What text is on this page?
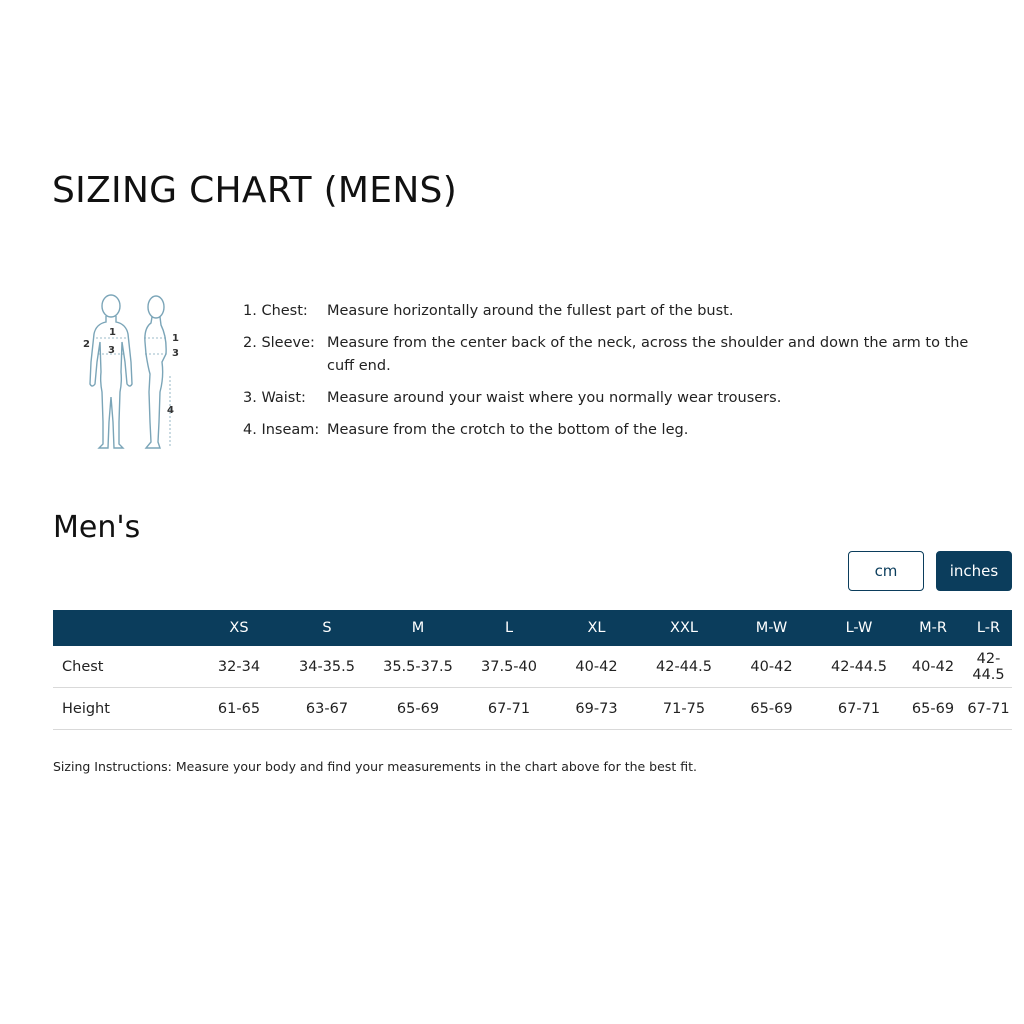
SIZING CHART (MENS)
1
2
3
1
3
4
1. Chest:	Measure horizontally around the fullest part of the bust.
2. Sleeve: Measure from the center back of the neck, across the shoulder and down the arm to the cuff end.
3. Waist:	Measure around your waist where you normally wear trousers.
4. Inseam: Measure from the crotch to the bottom of the leg.
Men's
cm	inches
	XS	S	M	L	XL	XXL	M-W	L-W	M-R	L-R
Chest	32-34	34-35.5	35.5-37.5	37.5-40	40-42	42-44.5	40-42	42-44.5	40-42	42-44.5
Height	61-65	63-67	65-69	67-71	69-73	71-75	65-69	67-71	65-69	67-71

Sizing Instructions: Measure your body and find your measurements in the chart above for the best fit.
